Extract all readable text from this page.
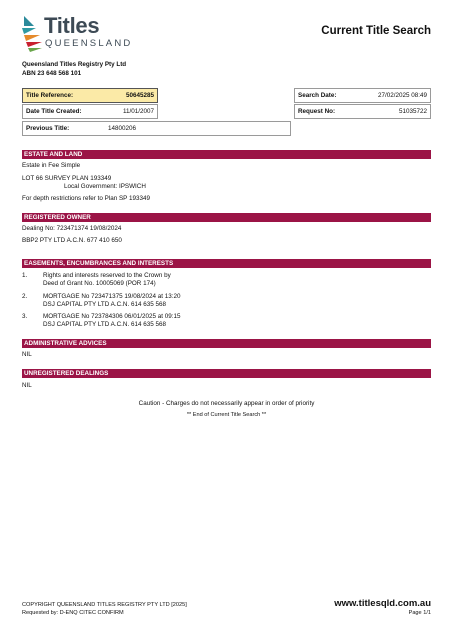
Titles
QUEENSLAND
Current Title Search
Queensland Titles Registry Pty Ltd
ABN 23 648 568 101
Title Reference:	50645285
Date Title Created:	11/01/2007
Previous Title:	14800206
Search Date:	27/02/2025 08:49
Request No:	51035722
ESTATE AND LAND
Estate in Fee Simple
LOT 66 SURVEY PLAN 193349
Local Government: IPSWICH
For depth restrictions refer to Plan SP 193349
REGISTERED OWNER
Dealing No: 723471374 19/08/2024
BBP2 PTY LTD A.C.N. 677 410 650
EASEMENTS, ENCUMBRANCES AND INTERESTS
1. Rights and interests reserved to the Crown by
Deed of Grant No. 10005069 (POR 174)
2. MORTGAGE No 723471375 19/08/2024 at 13:20
DSJ CAPITAL PTY LTD A.C.N. 614 635 568
3. MORTGAGE No 723784306 06/01/2025 at 09:15
DSJ CAPITAL PTY LTD A.C.N. 614 635 568
ADMINISTRATIVE ADVICES
NIL
UNREGISTERED DEALINGS
NIL
Caution - Charges do not necessarily appear in order of priority
** End of Current Title Search **
COPYRIGHT QUEENSLAND TITLES REGISTRY PTY LTD [2025]
Requested by: D-ENQ CITEC CONFIRM
www.titlesqld.com.au
Page 1/1
